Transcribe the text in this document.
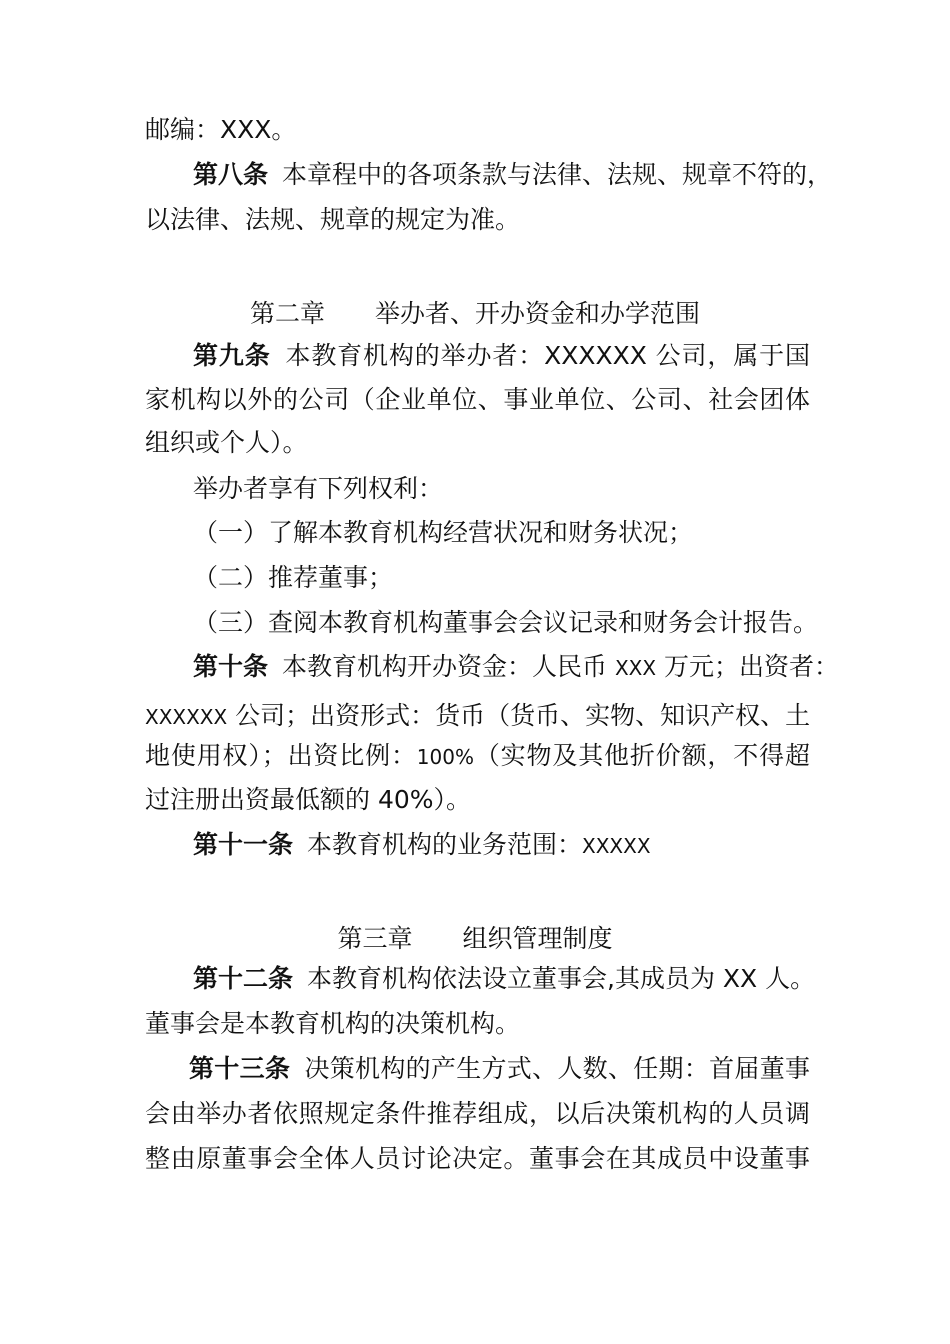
邮编：XXX。
第八条 本章程中的各项条款与法律、法规、规章不符的，
以法律、法规、规章的规定为准。
第二章　　举办者、开办资金和办学范围
第九条 本教育机构的举办者：XXXXXX 公司，属于国
家机构以外的公司（企业单位、事业单位、公司、社会团体
组织或个人）。
举办者享有下列权利：
（一）了解本教育机构经营状况和财务状况；
（二）推荐董事；
（三）查阅本教育机构董事会会议记录和财务会计报告。
第十条 本教育机构开办资金：人民币 XXX 万元；出资者：
XXXXXX 公司；出资形式：货币（货币、实物、知识产权、土
地使用权）；出资比例：100%（实物及其他折价额，不得超
过注册出资最低额的 40%）。
第十一条 本教育机构的业务范围：XXXXX
第三章　　组织管理制度
第十二条 本教育机构依法设立董事会,其成员为 XX 人。
董事会是本教育机构的决策机构。
第十三条 决策机构的产生方式、人数、任期：首届董事
会由举办者依照规定条件推荐组成，以后决策机构的人员调
整由原董事会全体人员讨论决定。董事会在其成员中设董事
